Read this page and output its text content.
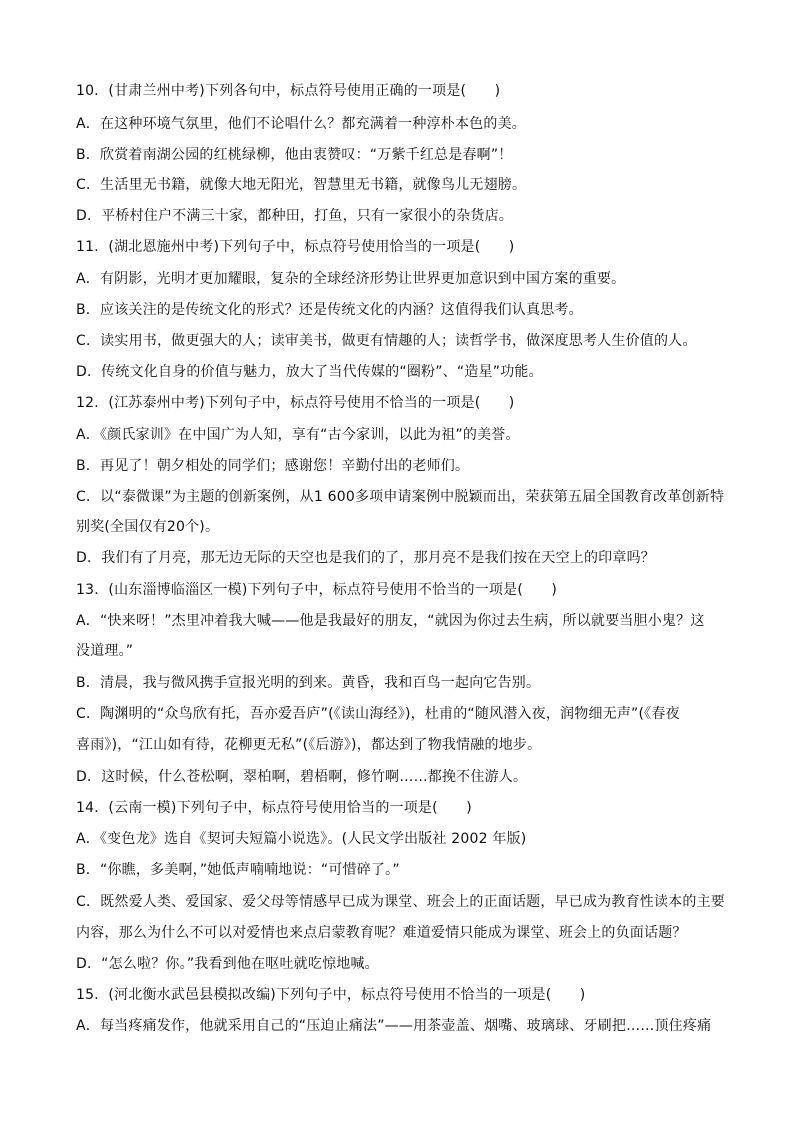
10．(甘肃兰州中考)下列各句中，标点符号使用正确的一项是(　　)
A．在这种环境气氛里，他们不论唱什么？都充满着一种淳朴本色的美。
B．欣赏着南湖公园的红桃绿柳，他由衷赞叹：“万紫千红总是春啊”！
C．生活里无书籍，就像大地无阳光，智慧里无书籍，就像鸟儿无翅膀。
D．平桥村住户不满三十家，都种田，打鱼，只有一家很小的杂货店。
11．(湖北恩施州中考)下列句子中，标点符号使用恰当的一项是(　　)
A．有阴影，光明才更加耀眼，复杂的全球经济形势让世界更加意识到中国方案的重要。
B．应该关注的是传统文化的形式？还是传统文化的内涵？这值得我们认真思考。
C．读实用书，做更强大的人；读审美书，做更有情趣的人；读哲学书，做深度思考人生价值的人。
D．传统文化自身的价值与魅力，放大了当代传媒的“圈粉”、“造星”功能。
12．(江苏泰州中考)下列句子中，标点符号使用不恰当的一项是(　　)
A．《颜氏家训》在中国广为人知，享有“古今家训，以此为祖”的美誉。
B．再见了！朝夕相处的同学们；感谢您！辛勤付出的老师们。
C．以“泰微课”为主题的创新案例，从1 600多项申请案例中脱颖而出，荣获第五届全国教育改革创新特
别奖(全国仅有20个)。
D．我们有了月亮，那无边无际的天空也是我们的了，那月亮不是我们按在天空上的印章吗？
13．(山东淄博临淄区一模)下列句子中，标点符号使用不恰当的一项是(　　)
A．“快来呀！”杰里冲着我大喊——他是我最好的朋友，“就因为你过去生病，所以就要当胆小鬼？这
没道理。”
B．清晨，我与微风携手宣报光明的到来。黄昏，我和百鸟一起向它告别。
C．陶渊明的“众鸟欣有托，吾亦爱吾庐”(《读山海经》)，杜甫的“随风潜入夜，润物细无声”(《春夜
喜雨》)，“江山如有待，花柳更无私”(《后游》)，都达到了物我情融的地步。
D．这时候，什么苍松啊，翠柏啊，碧梧啊，修竹啊……都挽不住游人。
14．(云南一模)下列句子中，标点符号使用恰当的一项是(　　)
A．《变色龙》选自《契诃夫短篇小说选》。(人民文学出版社 2002 年版)
B．“你瞧，多美啊，”她低声喃喃地说：“可惜碎了。”
C．既然爱人类、爱国家、爱父母等情感早已成为课堂、班会上的正面话题，早已成为教育性读本的主要
内容，那么为什么不可以对爱情也来点启蒙教育呢？难道爱情只能成为课堂、班会上的负面话题？
D．“怎么啦？你。”我看到他在呕吐就吃惊地喊。
15．(河北衡水武邑县模拟改编)下列句子中，标点符号使用不恰当的一项是(　　)
A．每当疼痛发作，他就采用自己的“压迫止痛法”——用茶壶盖、烟嘴、玻璃球、牙刷把……顶住疼痛
